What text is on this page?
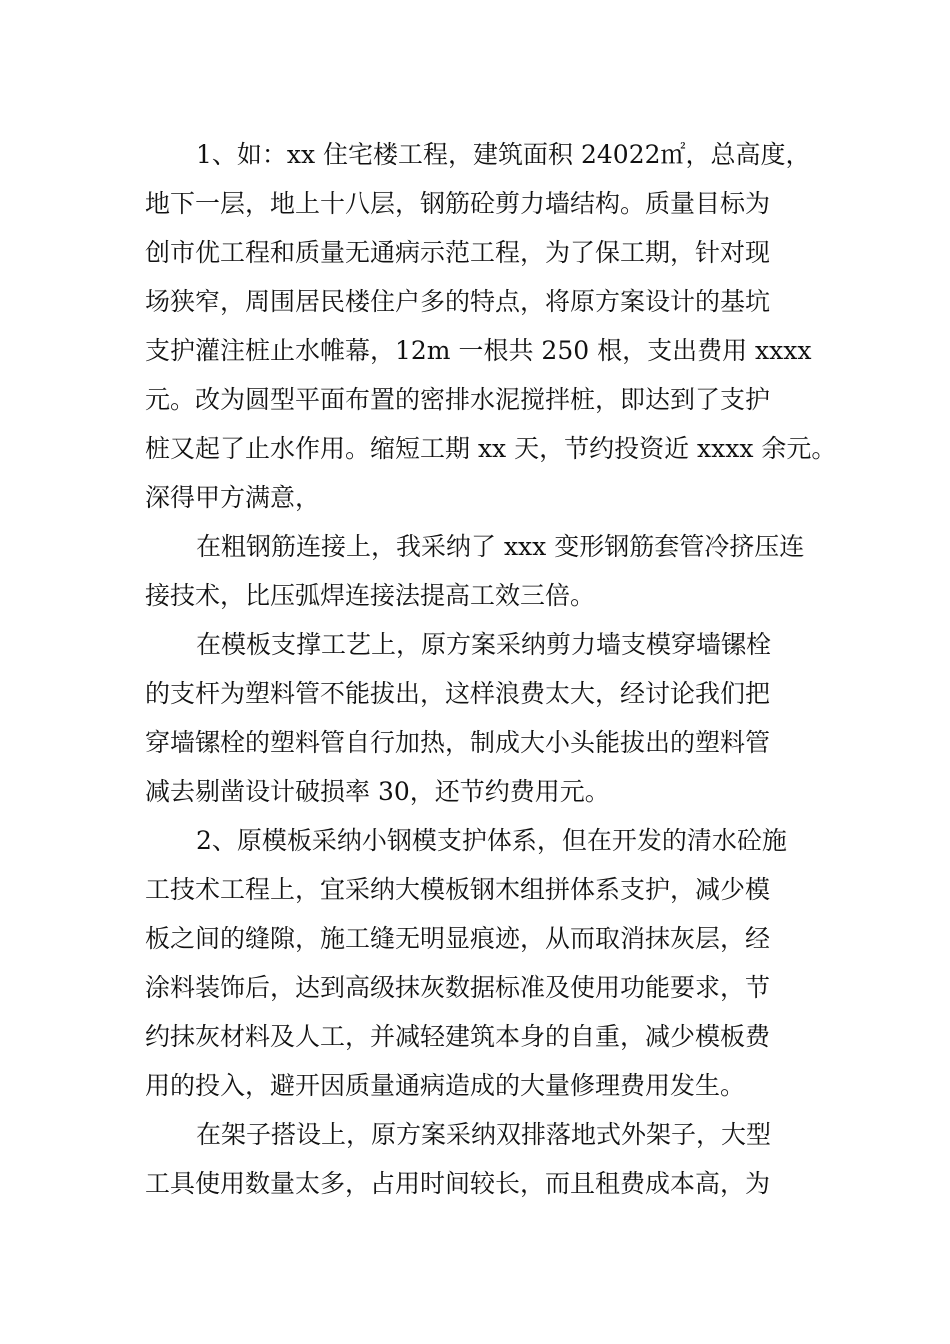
1、如：xx 住宅楼工程，建筑面积 24022㎡，总高度，
地下一层，地上十八层，钢筋砼剪力墙结构。质量目标为
创市优工程和质量无通病示范工程，为了保工期，针对现
场狭窄，周围居民楼住户多的特点，将原方案设计的基坑
支护灌注桩止水帷幕，12m 一根共 250 根，支出费用 xxxx
元。改为圆型平面布置的密排水泥搅拌桩，即达到了支护
桩又起了止水作用。缩短工期 xx 天，节约投资近 xxxx 余元。
深得甲方满意，
在粗钢筋连接上，我采纳了 xxx 变形钢筋套管冷挤压连
接技术，比压弧焊连接法提高工效三倍。
在模板支撑工艺上，原方案采纳剪力墙支模穿墙镙栓
的支杆为塑料管不能拔出，这样浪费太大，经讨论我们把
穿墙镙栓的塑料管自行加热，制成大小头能拔出的塑料管
减去剔凿设计破损率 30，还节约费用元。
2、原模板采纳小钢模支护体系，但在开发的清水砼施
工技术工程上，宜采纳大模板钢木组拼体系支护，减少模
板之间的缝隙，施工缝无明显痕迹，从而取消抹灰层，经
涂料装饰后，达到高级抹灰数据标准及使用功能要求，节
约抹灰材料及人工，并减轻建筑本身的自重，减少模板费
用的投入，避开因质量通病造成的大量修理费用发生。
在架子搭设上，原方案采纳双排落地式外架子，大型
工具使用数量太多，占用时间较长，而且租费成本高，为
